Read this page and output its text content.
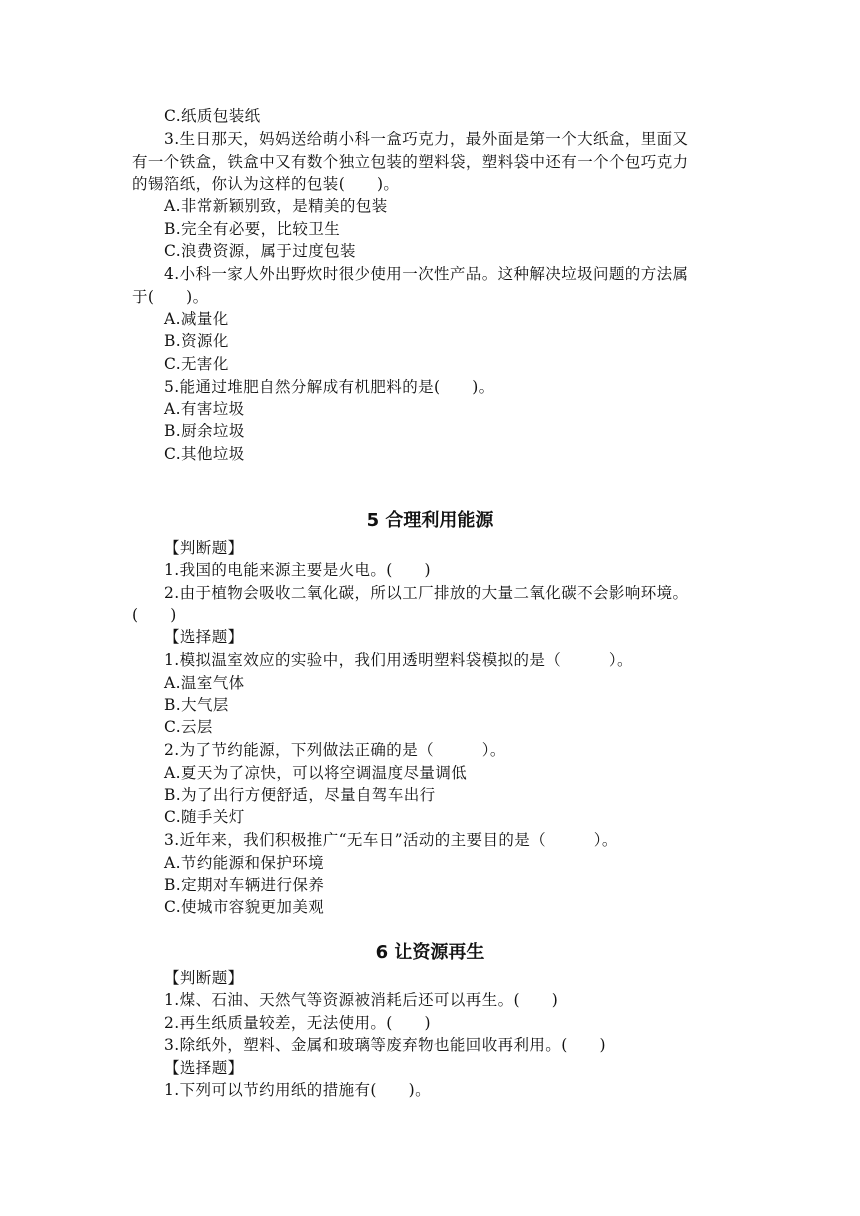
C.纸质包装纸
3.生日那天，妈妈送给萌小科一盒巧克力，最外面是第一个大纸盒，里面又
有一个铁盒，铁盒中又有数个独立包装的塑料袋，塑料袋中还有一个个包巧克力
的锡箔纸，你认为这样的包装(　　)。
A.非常新颖别致，是精美的包装
B.完全有必要，比较卫生
C.浪费资源，属于过度包装
4.小科一家人外出野炊时很少使用一次性产品。这种解决垃圾问题的方法属
于(　　)。
A.减量化
B.资源化
C.无害化
5.能通过堆肥自然分解成有机肥料的是(　　)。
A.有害垃圾
B.厨余垃圾
C.其他垃圾
5 合理利用能源
【判断题】
1.我国的电能来源主要是火电。(　　)
2.由于植物会吸收二氧化碳，所以工厂排放的大量二氧化碳不会影响环境。
(　　)
【选择题】
1.模拟温室效应的实验中，我们用透明塑料袋模拟的是（　　　）。
A.温室气体
B.大气层
C.云层
2.为了节约能源，下列做法正确的是（　　　）。
A.夏天为了凉快，可以将空调温度尽量调低
B.为了出行方便舒适，尽量自驾车出行
C.随手关灯
3.近年来，我们积极推广“无车日”活动的主要目的是（　　　）。
A.节约能源和保护环境
B.定期对车辆进行保养
C.使城市容貌更加美观
6 让资源再生
【判断题】
1.煤、石油、天然气等资源被消耗后还可以再生。(　　)
2.再生纸质量较差，无法使用。(　　)
3.除纸外，塑料、金属和玻璃等废弃物也能回收再利用。(　　)
【选择题】
1.下列可以节约用纸的措施有(　　)。
